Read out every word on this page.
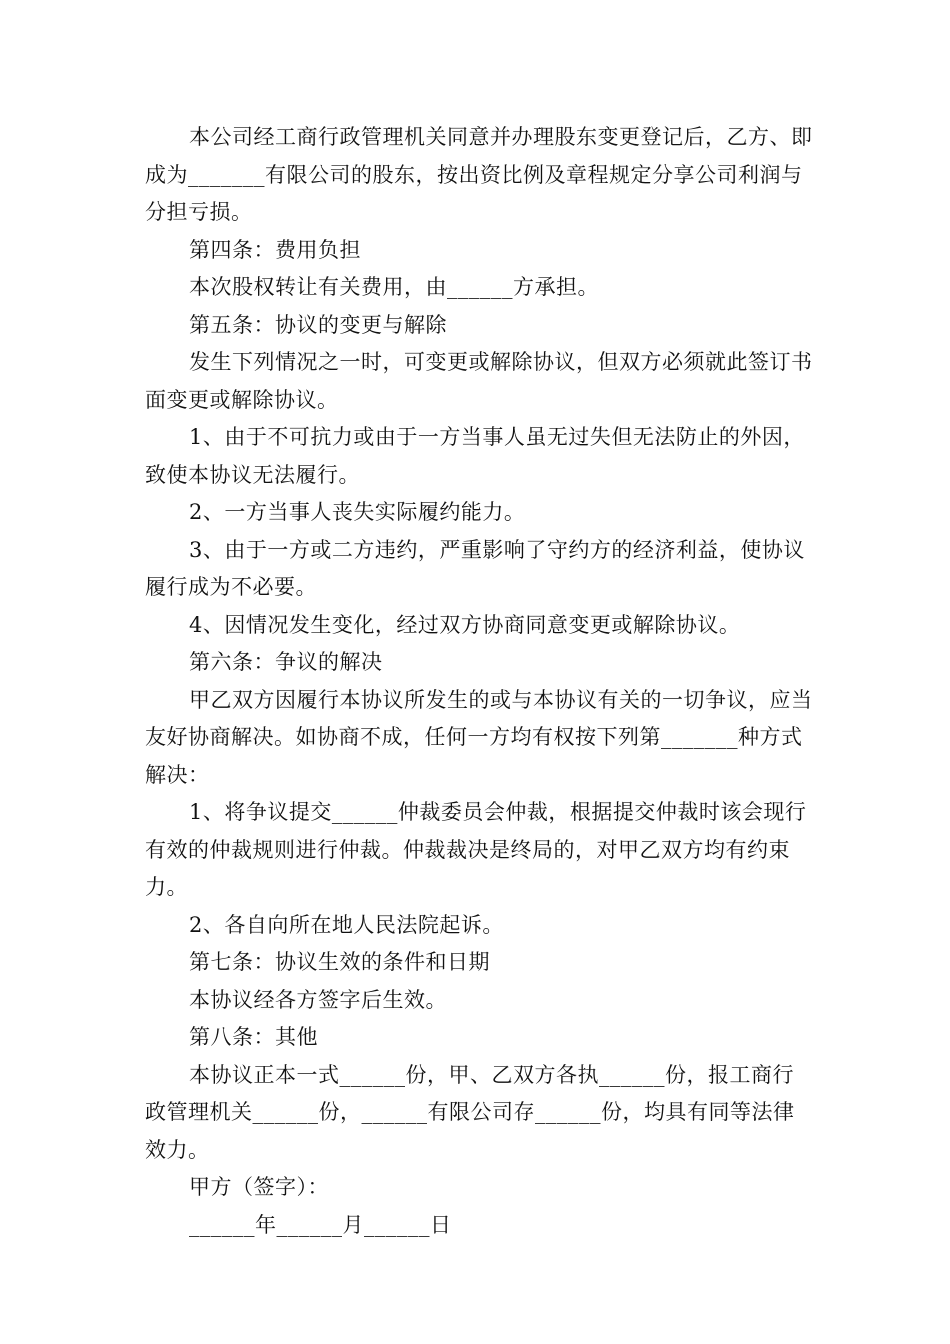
本公司经工商行政管理机关同意并办理股东变更登记后，乙方、即成为_______有限公司的股东，按出资比例及章程规定分享公司利润与分担亏损。

第四条：费用负担

本次股权转让有关费用，由______方承担。

第五条：协议的变更与解除

发生下列情况之一时，可变更或解除协议，但双方必须就此签订书面变更或解除协议。

1、由于不可抗力或由于一方当事人虽无过失但无法防止的外因，致使本协议无法履行。

2、一方当事人丧失实际履约能力。

3、由于一方或二方违约，严重影响了守约方的经济利益，使协议履行成为不必要。

4、因情况发生变化，经过双方协商同意变更或解除协议。

第六条：争议的解决

甲乙双方因履行本协议所发生的或与本协议有关的一切争议，应当友好协商解决。如协商不成，任何一方均有权按下列第_______种方式解决：

1、将争议提交______仲裁委员会仲裁，根据提交仲裁时该会现行有效的仲裁规则进行仲裁。仲裁裁决是终局的，对甲乙双方均有约束力。

2、各自向所在地人民法院起诉。

第七条：协议生效的条件和日期

本协议经各方签字后生效。

第八条：其他

本协议正本一式______份，甲、乙双方各执______份，报工商行政管理机关______份，______有限公司存______份，均具有同等法律效力。

甲方（签字）：

______年______月______日
